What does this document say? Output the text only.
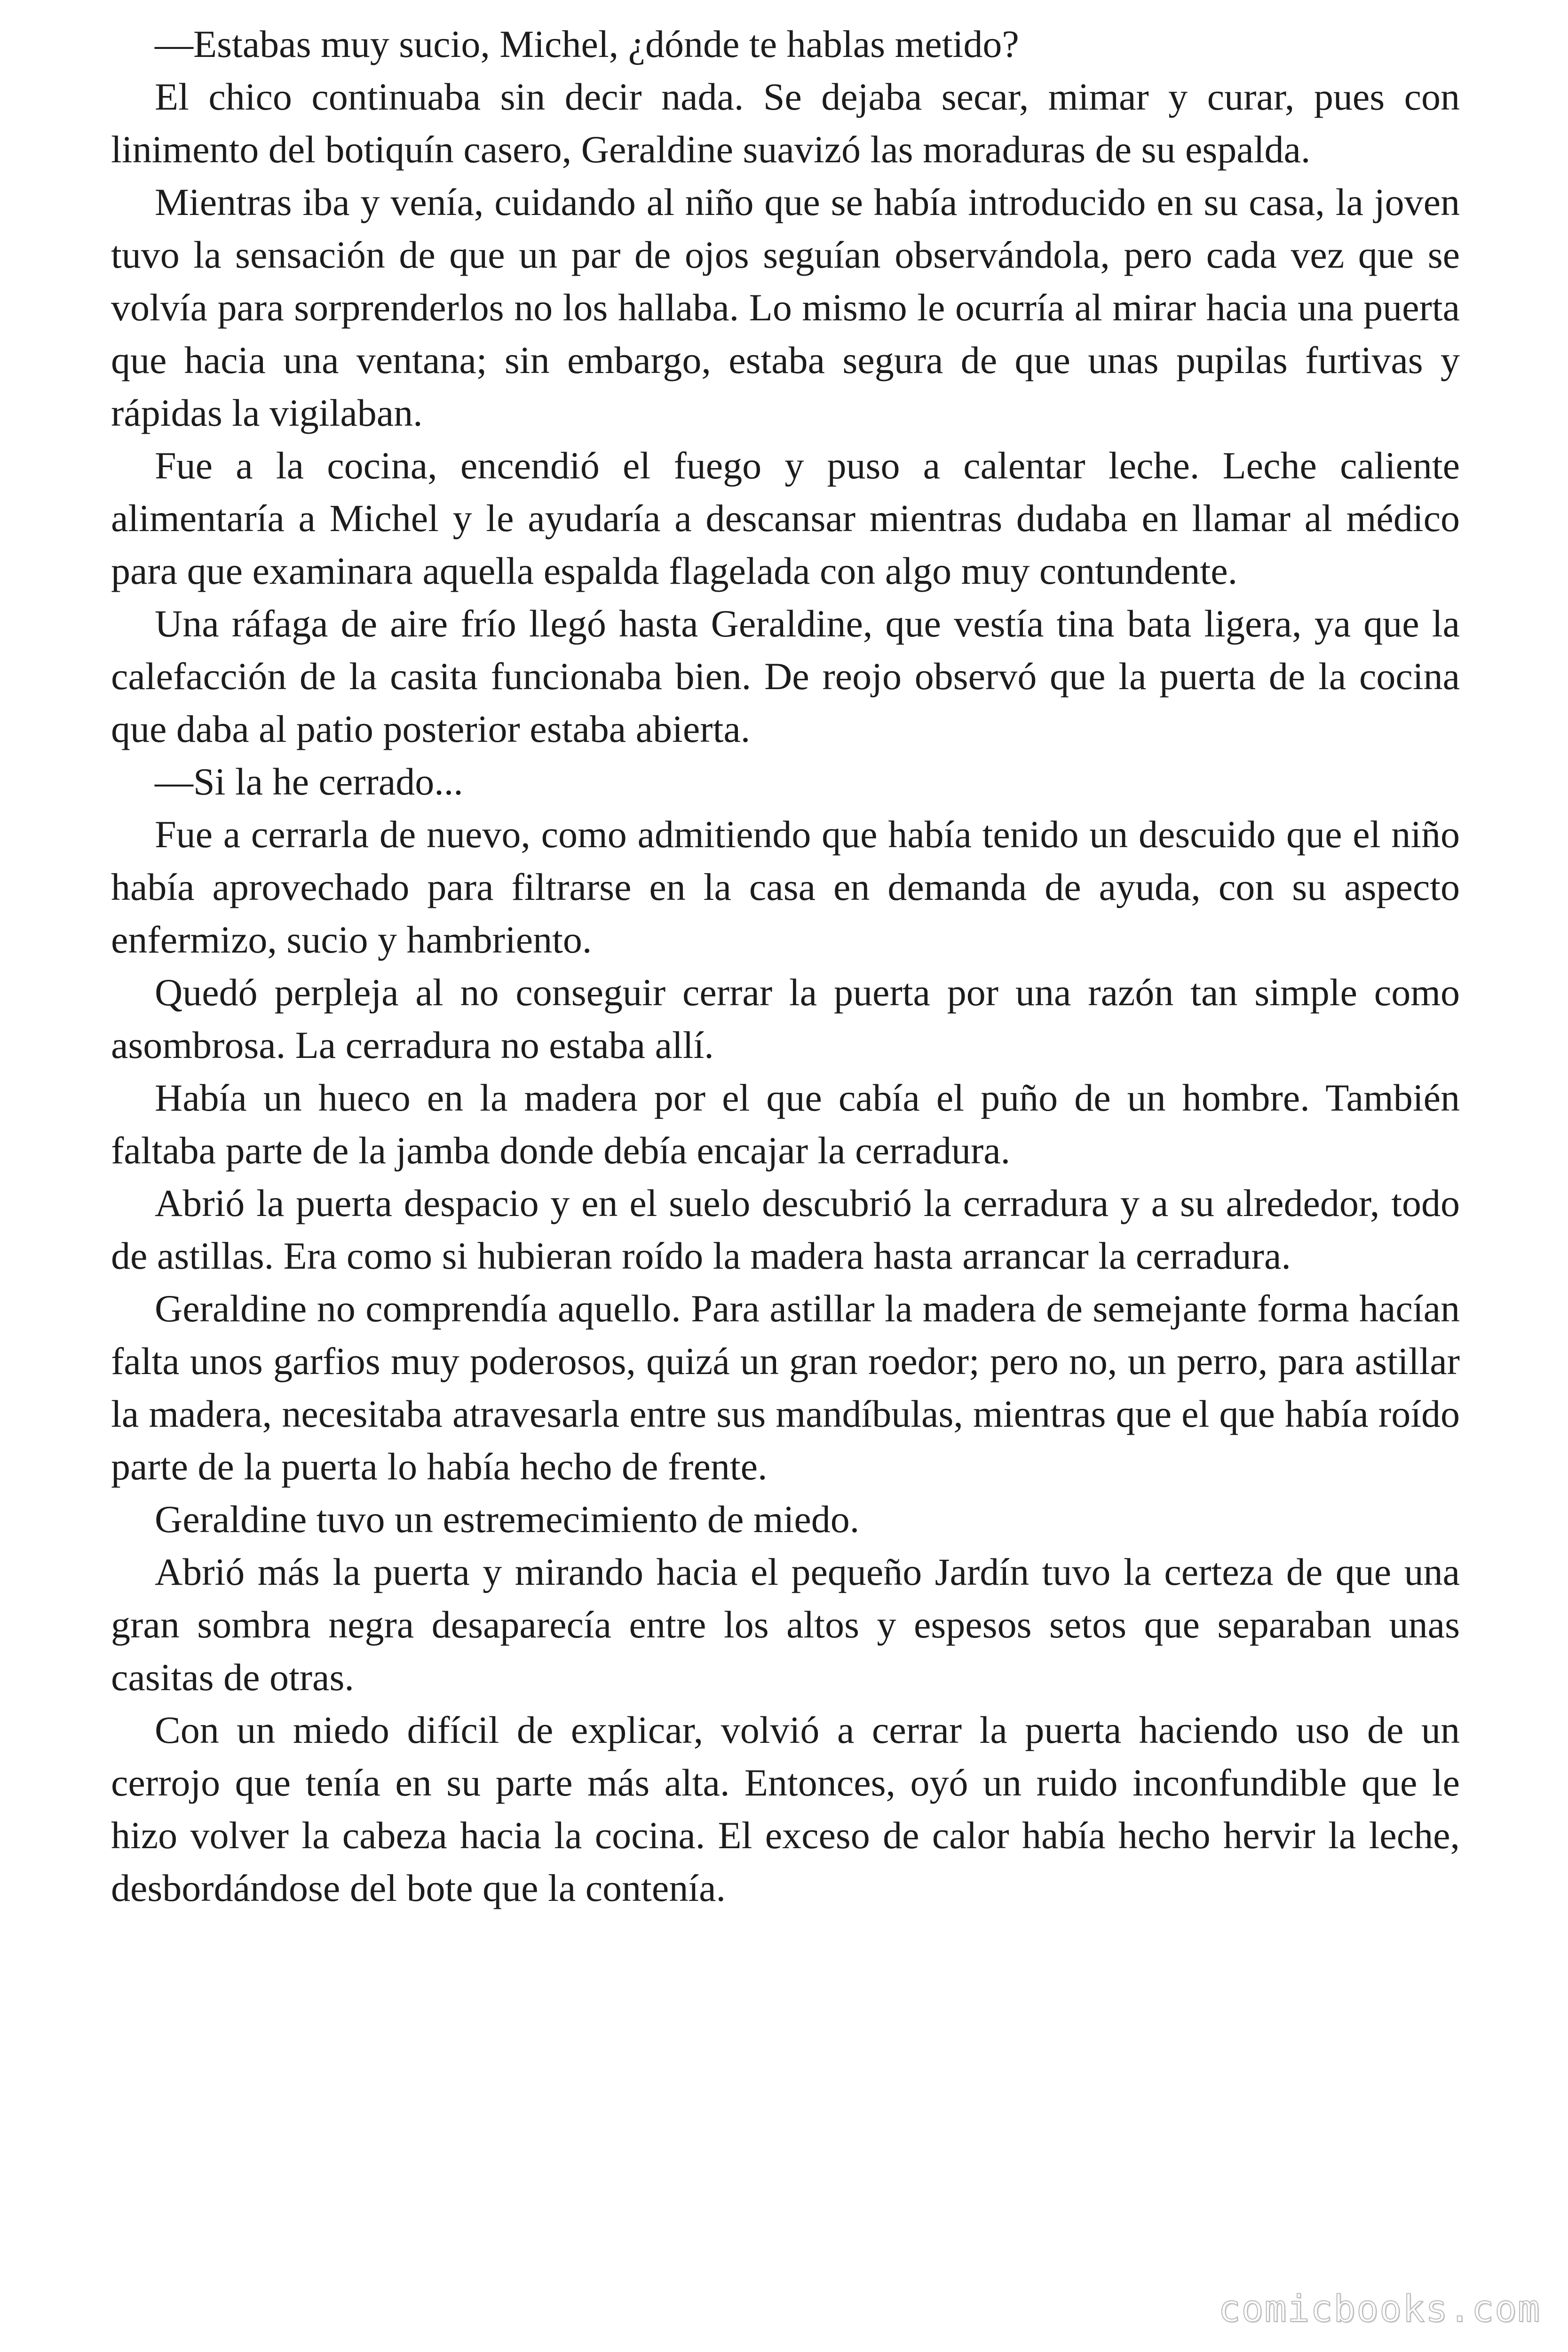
—Estabas muy sucio, Michel, ¿dónde te hablas metido?

El chico continuaba sin decir nada. Se dejaba secar, mimar y curar, pues con linimento del botiquín casero, Geraldine suavizó las moraduras de su espalda.

Mientras iba y venía, cuidando al niño que se había introducido en su casa, la joven tuvo la sensación de que un par de ojos seguían observándola, pero cada vez que se volvía para sorprenderlos no los hallaba. Lo mismo le ocurría al mirar hacia una puerta que hacia una ventana; sin embargo, estaba segura de que unas pupilas furtivas y rápidas la vigilaban.

Fue a la cocina, encendió el fuego y puso a calentar leche. Leche caliente alimentaría a Michel y le ayudaría a descansar mientras dudaba en llamar al médico para que examinara aquella espalda flagelada con algo muy contundente.

Una ráfaga de aire frío llegó hasta Geraldine, que vestía tina bata ligera, ya que la calefacción de la casita funcionaba bien. De reojo observó que la puerta de la cocina que daba al patio posterior estaba abierta.

—Si la he cerrado...

Fue a cerrarla de nuevo, como admitiendo que había tenido un descuido que el niño había aprovechado para filtrarse en la casa en demanda de ayuda, con su aspecto enfermizo, sucio y hambriento.

Quedó perpleja al no conseguir cerrar la puerta por una razón tan simple como asombrosa. La cerradura no estaba allí.

Había un hueco en la madera por el que cabía el puño de un hombre. También faltaba parte de la jamba donde debía encajar la cerradura.

Abrió la puerta despacio y en el suelo descubrió la cerradura y a su alrededor, todo de astillas. Era como si hubieran roído la madera hasta arrancar la cerradura.

Geraldine no comprendía aquello. Para astillar la madera de semejante forma hacían falta unos garfios muy poderosos, quizá un gran roedor; pero no, un perro, para astillar la madera, necesitaba atravesarla entre sus mandíbulas, mientras que el que había roído parte de la puerta lo había hecho de frente.

Geraldine tuvo un estremecimiento de miedo.

Abrió más la puerta y mirando hacia el pequeño Jardín tuvo la certeza de que una gran sombra negra desaparecía entre los altos y espesos setos que separaban unas casitas de otras.

Con un miedo difícil de explicar, volvió a cerrar la puerta haciendo uso de un cerrojo que tenía en su parte más alta. Entonces, oyó un ruido inconfundible que le hizo volver la cabeza hacia la cocina. El exceso de calor había hecho hervir la leche, desbordándose del bote que la contenía.

comicbooks.com
